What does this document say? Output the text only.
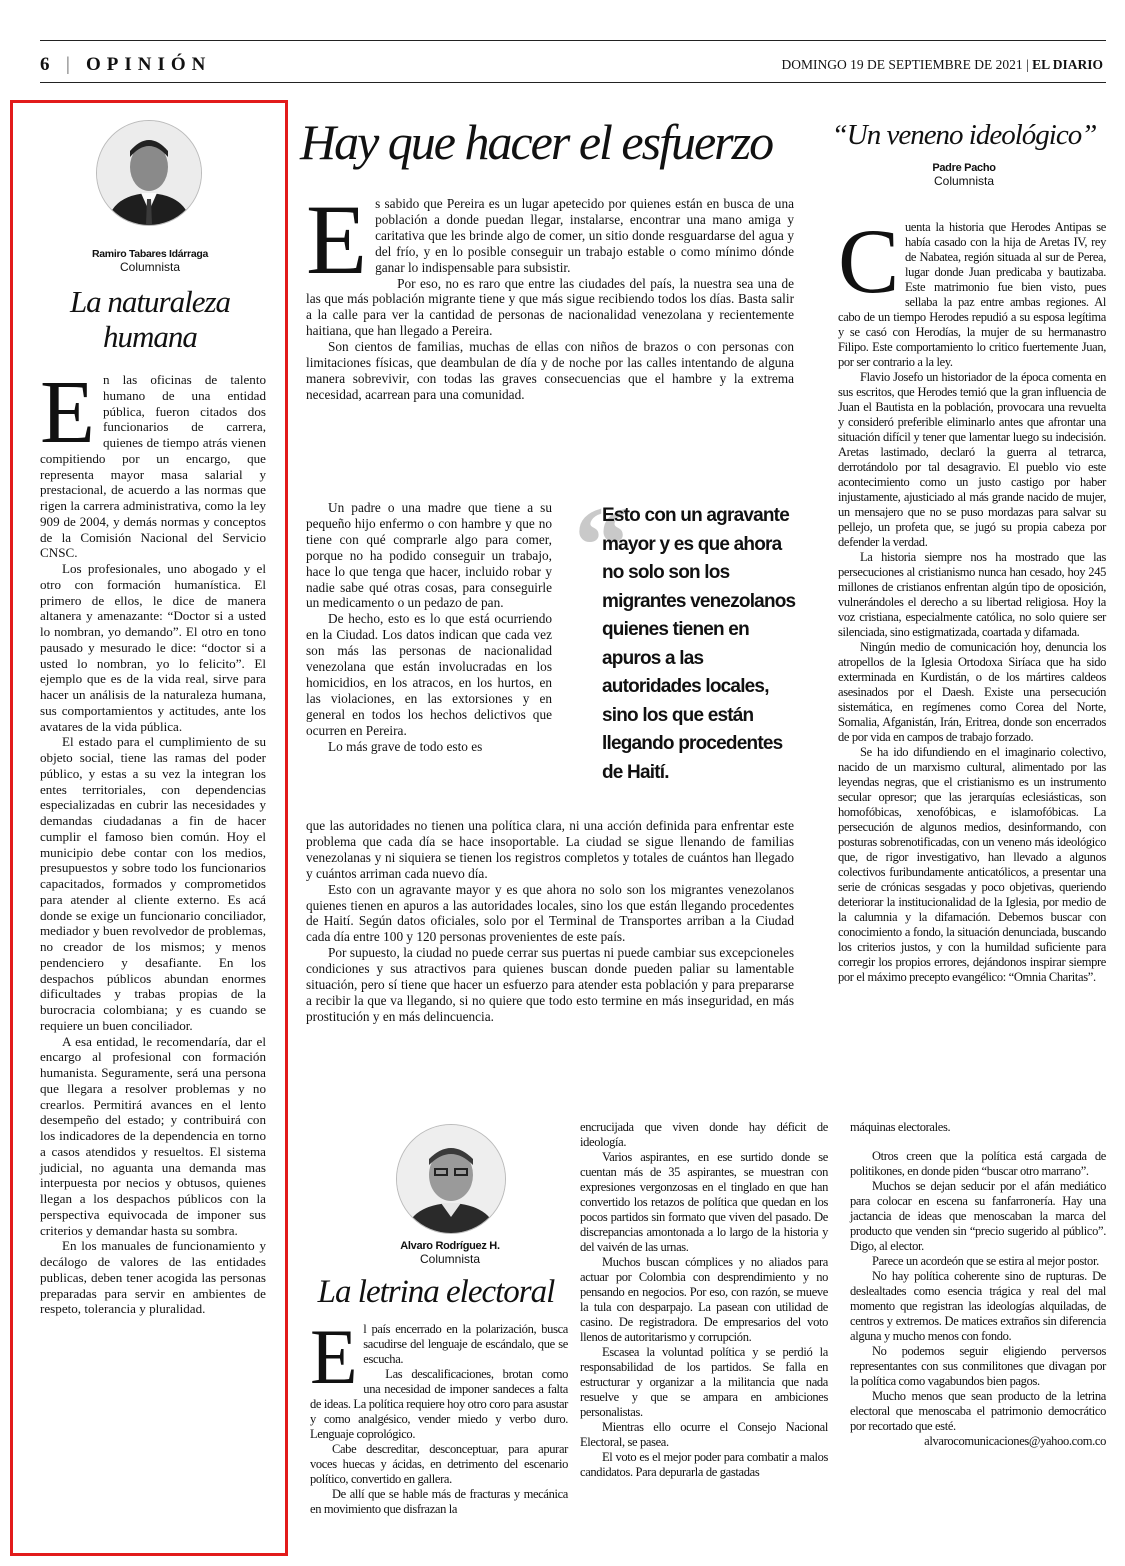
6 | OPINIÓN	DOMINGO 19 DE SEPTIEMBRE DE 2021 | EL DIARIO
Ramiro Tabares Idárraga
Columnista
La naturaleza
humana

En las oficinas de talento humano de una entidad pública, fueron citados dos funcionarios de carrera, quienes de tiempo atrás vienen compitiendo por un encargo, que representa mayor masa salarial y prestacional, de acuerdo a las normas que rigen la carrera administrativa, como la ley 909 de 2004, y demás normas y conceptos de la Comisión Nacional del Servicio CNSC.

Los profesionales, uno abogado y el otro con formación humanística. El primero de ellos, le dice de manera altanera y amenazante: “Doctor si a usted lo nombran, yo demando”. El otro en tono pausado y mesurado le dice: “doctor si a usted lo nombran, yo lo felicito”. El ejemplo que es de la vida real, sirve para hacer un análisis de la naturaleza humana, sus comportamientos y actitudes, ante los avatares de la vida pública.

El estado para el cumplimiento de su objeto social, tiene las ramas del poder público, y estas a su vez la integran los entes territoriales, con dependencias especializadas en cubrir las necesidades y demandas ciudadanas a fin de hacer cumplir el famoso bien común. Hoy el municipio debe contar con los medios, presupuestos y sobre todo los funcionarios capacitados, formados y comprometidos para atender al cliente externo. Es acá donde se exige un funcionario conciliador, mediador y buen revolvedor de problemas, no creador de los mismos; y menos pendenciero y desafiante. En los despachos públicos abundan enormes dificultades y trabas propias de la burocracia colombiana; y es cuando se requiere un buen conciliador.

A esa entidad, le recomendaría, dar el encargo al profesional con formación humanista. Seguramente, será una persona que llegara a resolver problemas y no crearlos. Permitirá avances en el lento desempeño del estado; y contribuirá con los indicadores de la dependencia en torno a casos atendidos y resueltos. El sistema judicial, no aguanta una demanda mas interpuesta por necios y obtusos, quienes llegan a los despachos públicos con la perspectiva equivocada de imponer sus criterios y demandar hasta su sombra.

En los manuales de funcionamiento y decálogo de valores de las entidades publicas, deben tener acogida las personas preparadas para servir en ambientes de respeto, tolerancia y pluralidad.

Hay que hacer el esfuerzo

Es sabido que Pereira es un lugar apetecido por quienes están en busca de una población a donde puedan llegar, instalarse, encontrar una mano amiga y caritativa que les brinde algo de comer, un sitio donde resguardarse del agua y del frío, y en lo posible conseguir un trabajo estable o como mínimo dónde ganar lo indispensable para subsistir.

Por eso, no es raro que entre las ciudades del país, la nuestra sea una de las que más población migrante tiene y que más sigue recibiendo todos los días. Basta salir a la calle para ver la cantidad de personas de nacionalidad venezolana y recientemente haitiana, que han llegado a Pereira.

Son cientos de familias, muchas de ellas con niños de brazos o con personas con limitaciones físicas, que deambulan de día y de noche por las calles intentando de alguna manera sobrevivir, con todas las graves consecuencias que el hambre y la extrema necesidad, acarrean para una comunidad.

Un padre o una madre que tiene a su pequeño hijo enfermo o con hambre y que no tiene con qué comprarle algo para comer, porque no ha podido conseguir un trabajo, hace lo que tenga que hacer, incluido robar y nadie sabe qué otras cosas, para conseguirle un medicamento o un pedazo de pan.

De hecho, esto es lo que está ocurriendo en la Ciudad. Los datos indican que cada vez son más las personas de nacionalidad venezolana que están involucradas en los homicidios, en los atracos, en los hurtos, en las violaciones, en las extorsiones y en general en todos los hechos delictivos que ocurren en Pereira.

Lo más grave de todo esto es

que las autoridades no tienen una política clara, ni una acción definida para enfrentar este problema que cada día se hace insoportable. La ciudad se sigue llenando de familias venezolanas y ni siquiera se tienen los registros completos y totales de cuántos han llegado y cuántos arriman cada nuevo día.

Esto con un agravante mayor y es que ahora no solo son los migrantes venezolanos quienes tienen en apuros a las autoridades locales, sino los que están llegando procedentes de Haití. Según datos oficiales, solo por el Terminal de Transportes arriban a la Ciudad cada día entre 100 y 120 personas provenientes de este país.

Por supuesto, la ciudad no puede cerrar sus puertas ni puede cambiar sus excepcioneles condiciones y sus atractivos para quienes buscan donde pueden paliar su lamentable situación, pero sí tiene que hacer un esfuerzo para atender esta población y para prepararse a recibir la que va llegando, si no quiere que todo esto termine en más inseguridad, en más prostitución y en más delincuencia.

“
Esto con un agravante mayor y es que ahora no solo son los migrantes venezolanos quienes tienen en apuros a las autoridades locales, sino los que están llegando procedentes de Haití.
“Un veneno ideológico”
Padre Pacho
Columnista

Cuenta la historia que Herodes Antipas se había casado con la hija de Aretas IV, rey de Nabatea, región situada al sur de Perea, lugar donde Juan predicaba y bautizaba. Este matrimonio fue bien visto, pues sellaba la paz entre ambas regiones. Al cabo de un tiempo Herodes repudió a su esposa legítima y se casó con Herodías, la mujer de su hermanastro Filipo. Este comportamiento lo critico fuertemente Juan, por ser contrario a la ley.

Flavio Josefo un historiador de la época comenta en sus escritos, que Herodes temió que la gran influencia de Juan el Bautista en la población, provocara una revuelta y consideró preferible eliminarlo antes que afrontar una situación difícil y tener que lamentar luego su indecisión. Aretas lastimado, declaró la guerra al tetrarca, derrotándolo por tal desagravio. El pueblo vio este acontecimiento como un justo castigo por haber injustamente, ajusticiado al más grande nacido de mujer, un mensajero que no se puso mordazas para salvar su pellejo, un profeta que, se jugó su propia cabeza por defender la verdad.

La historia siempre nos ha mostrado que las persecuciones al cristianismo nunca han cesado, hoy 245 millones de cristianos enfrentan algún tipo de oposición, vulnerándoles el derecho a su libertad religiosa. Hoy la voz cristiana, especialmente católica, no solo quiere ser silenciada, sino estigmatizada, coartada y difamada.

Ningún medio de comunicación hoy, denuncia los atropellos de la Iglesia Ortodoxa Siríaca que ha sido exterminada en Kurdistán, o de los mártires caldeos asesinados por el Daesh. Existe una persecución sistemática, en regímenes como Corea del Norte, Somalia, Afganistán, Irán, Eritrea, donde son encerrados de por vida en campos de trabajo forzado.

Se ha ido difundiendo en el imaginario colectivo, nacido de un marxismo cultural, alimentado por las leyendas negras, que el cristianismo es un instrumento secular opresor; que las jerarquías eclesiásticas, son homofóbicas, xenofóbicas, e islamofóbicas. La persecución de algunos medios, desinformando, con posturas sobrenotificadas, con un veneno más ideológico que, de rigor investigativo, han llevado a algunos colectivos furibundamente anticatólicos, a presentar una serie de crónicas sesgadas y poco objetivas, queriendo deteriorar la institucionalidad de la Iglesia, por medio de la calumnia y la difamación. Debemos buscar con conocimiento a fondo, la situación denunciada, buscando los criterios justos, y con la humildad suficiente para corregir los propios errores, dejándonos inspirar siempre por el máximo precepto evangélico: “Omnia Charitas”.

Alvaro Rodríguez H.
Columnista
La letrina electoral

El país encerrado en la polarización, busca sacudirse del lenguaje de escándalo, que se escucha.

Las descalificaciones, brotan como una necesidad de imponer sandeces a falta de ideas. La política requiere hoy otro coro para asustar y como analgésico, vender miedo y verbo duro. Lenguaje coprológico.

Cabe descreditar, desconceptuar, para apurar voces huecas y ácidas, en detrimento del escenario político, convertido en gallera.

De allí que se hable más de fracturas y mecánica en movimiento que disfrazan la

encrucijada que viven donde hay déficit de ideología.

Varios aspirantes, en ese surtido donde se cuentan más de 35 aspirantes, se muestran con expresiones vergonzosas en el tinglado en que han convertido los retazos de política que quedan en los pocos partidos sin formato que viven del pasado. De discrepancias amontonada a lo largo de la historia y del vaivén de las urnas.

Muchos buscan cómplices y no aliados para actuar por Colombia con desprendimiento y no pensando en negocios. Por eso, con razón, se mueve la tula con desparpajo. La pasean con utilidad de casino. De registradora. De empresarios del voto llenos de autoritarismo y corrupción.

Escasea la voluntad política y se perdió la responsabilidad de los partidos. Se falla en estructurar y organizar a la militancia que nada resuelve y que se ampara en ambiciones personalistas.

Mientras ello ocurre el Consejo Nacional Electoral, se pasea.

El voto es el mejor poder para combatir a malos candidatos. Para depurarla de gastadas

máquinas electorales.

Otros creen que la política está cargada de politikones, en donde piden “buscar otro marrano”.

Muchos se dejan seducir por el afán mediático para colocar en escena su fanfarronería. Hay una jactancia de ideas que menoscaban la marca del producto que venden sin “precio sugerido al público”. Digo, al elector.

Parece un acordeón que se estira al mejor postor.

No hay política coherente sino de rupturas. De deslealtades como esencia trágica y real del mal momento que registran las ideologías alquiladas, de centros y extremos. De matices extraños sin diferencia alguna y mucho menos con fondo.

No podemos seguir eligiendo perversos representantes con sus conmilitones que divagan por la política como vagabundos bien pagos.

Mucho menos que sean producto de la letrina electoral que menoscaba el patrimonio democrático por recortado que esté.

alvarocomunicaciones@yahoo.com.co
